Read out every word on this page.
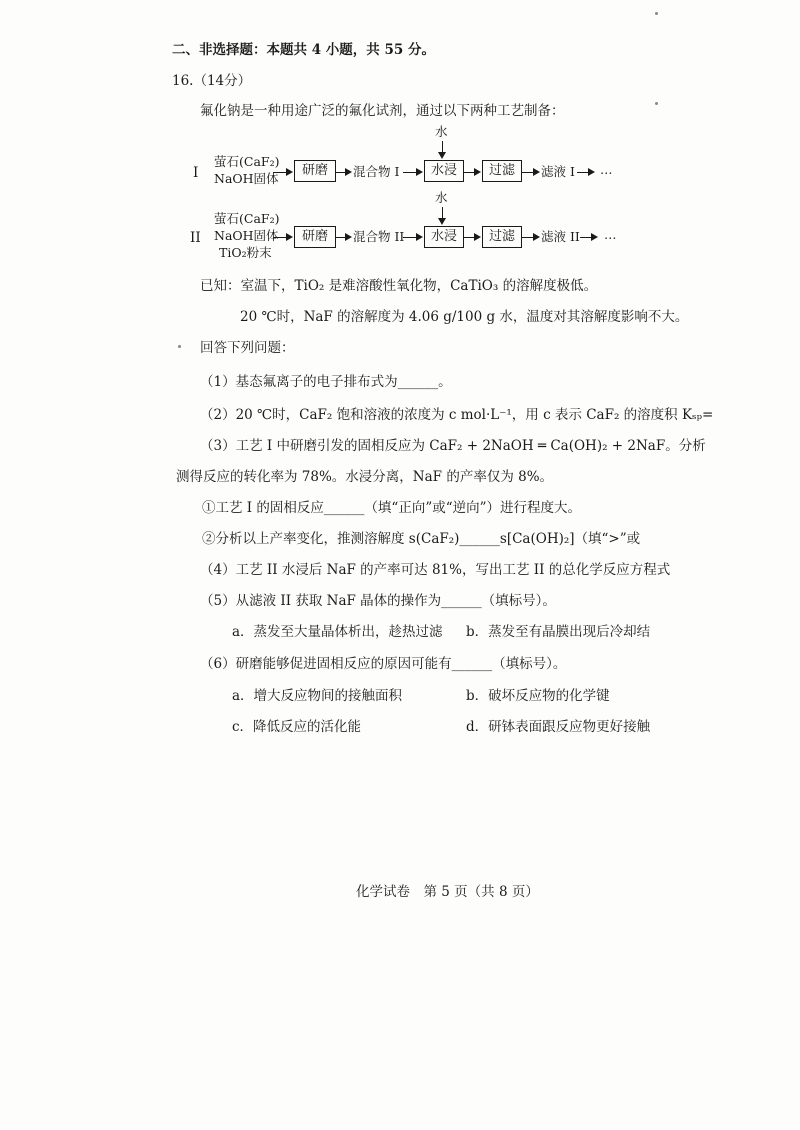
二、非选择题：本题共 4 小题，共 55 分。
16.（14分）
氟化钠是一种用途广泛的氟化试剂，通过以下两种工艺制备：
I
萤石(CaF₂)
NaOH固体
研磨	混合物 I
水
水浸	过滤	滤液 I …
II
萤石(CaF₂)
NaOH固体
TiO₂粉末
研磨	混合物 II
水
水浸	过滤	滤液 II …
已知：室温下，TiO₂ 是难溶酸性氧化物，CaTiO₃ 的溶解度极低。
20 ℃时，NaF 的溶解度为 4.06 g/100 g 水，温度对其溶解度影响不大。
回答下列问题：
（1）基态氟离子的电子排布式为______。
（2）20 ℃时，CaF₂ 饱和溶液的浓度为 c mol·L⁻¹，用 c 表示 CaF₂ 的溶度积 Kₛₚ=
（3）工艺 I 中研磨引发的固相反应为 CaF₂ + 2NaOH ═ Ca(OH)₂ + 2NaF。分析
测得反应的转化率为 78%。水浸分离，NaF 的产率仅为 8%。
①工艺 I 的固相反应______（填“正向”或“逆向”）进行程度大。
②分析以上产率变化，推测溶解度 s(CaF₂)______s[Ca(OH)₂]（填“>”或
（4）工艺 II 水浸后 NaF 的产率可达 81%，写出工艺 II 的总化学反应方程式
（5）从滤液 II 获取 NaF 晶体的操作为______（填标号）。
a．蒸发至大量晶体析出，趁热过滤 b．蒸发至有晶膜出现后冷却结
（6）研磨能够促进固相反应的原因可能有______（填标号）。
a．增大反应物间的接触面积	b．破坏反应物的化学键
c．降低反应的活化能	d．研钵表面跟反应物更好接触
化学试卷　第 5 页（共 8 页）
